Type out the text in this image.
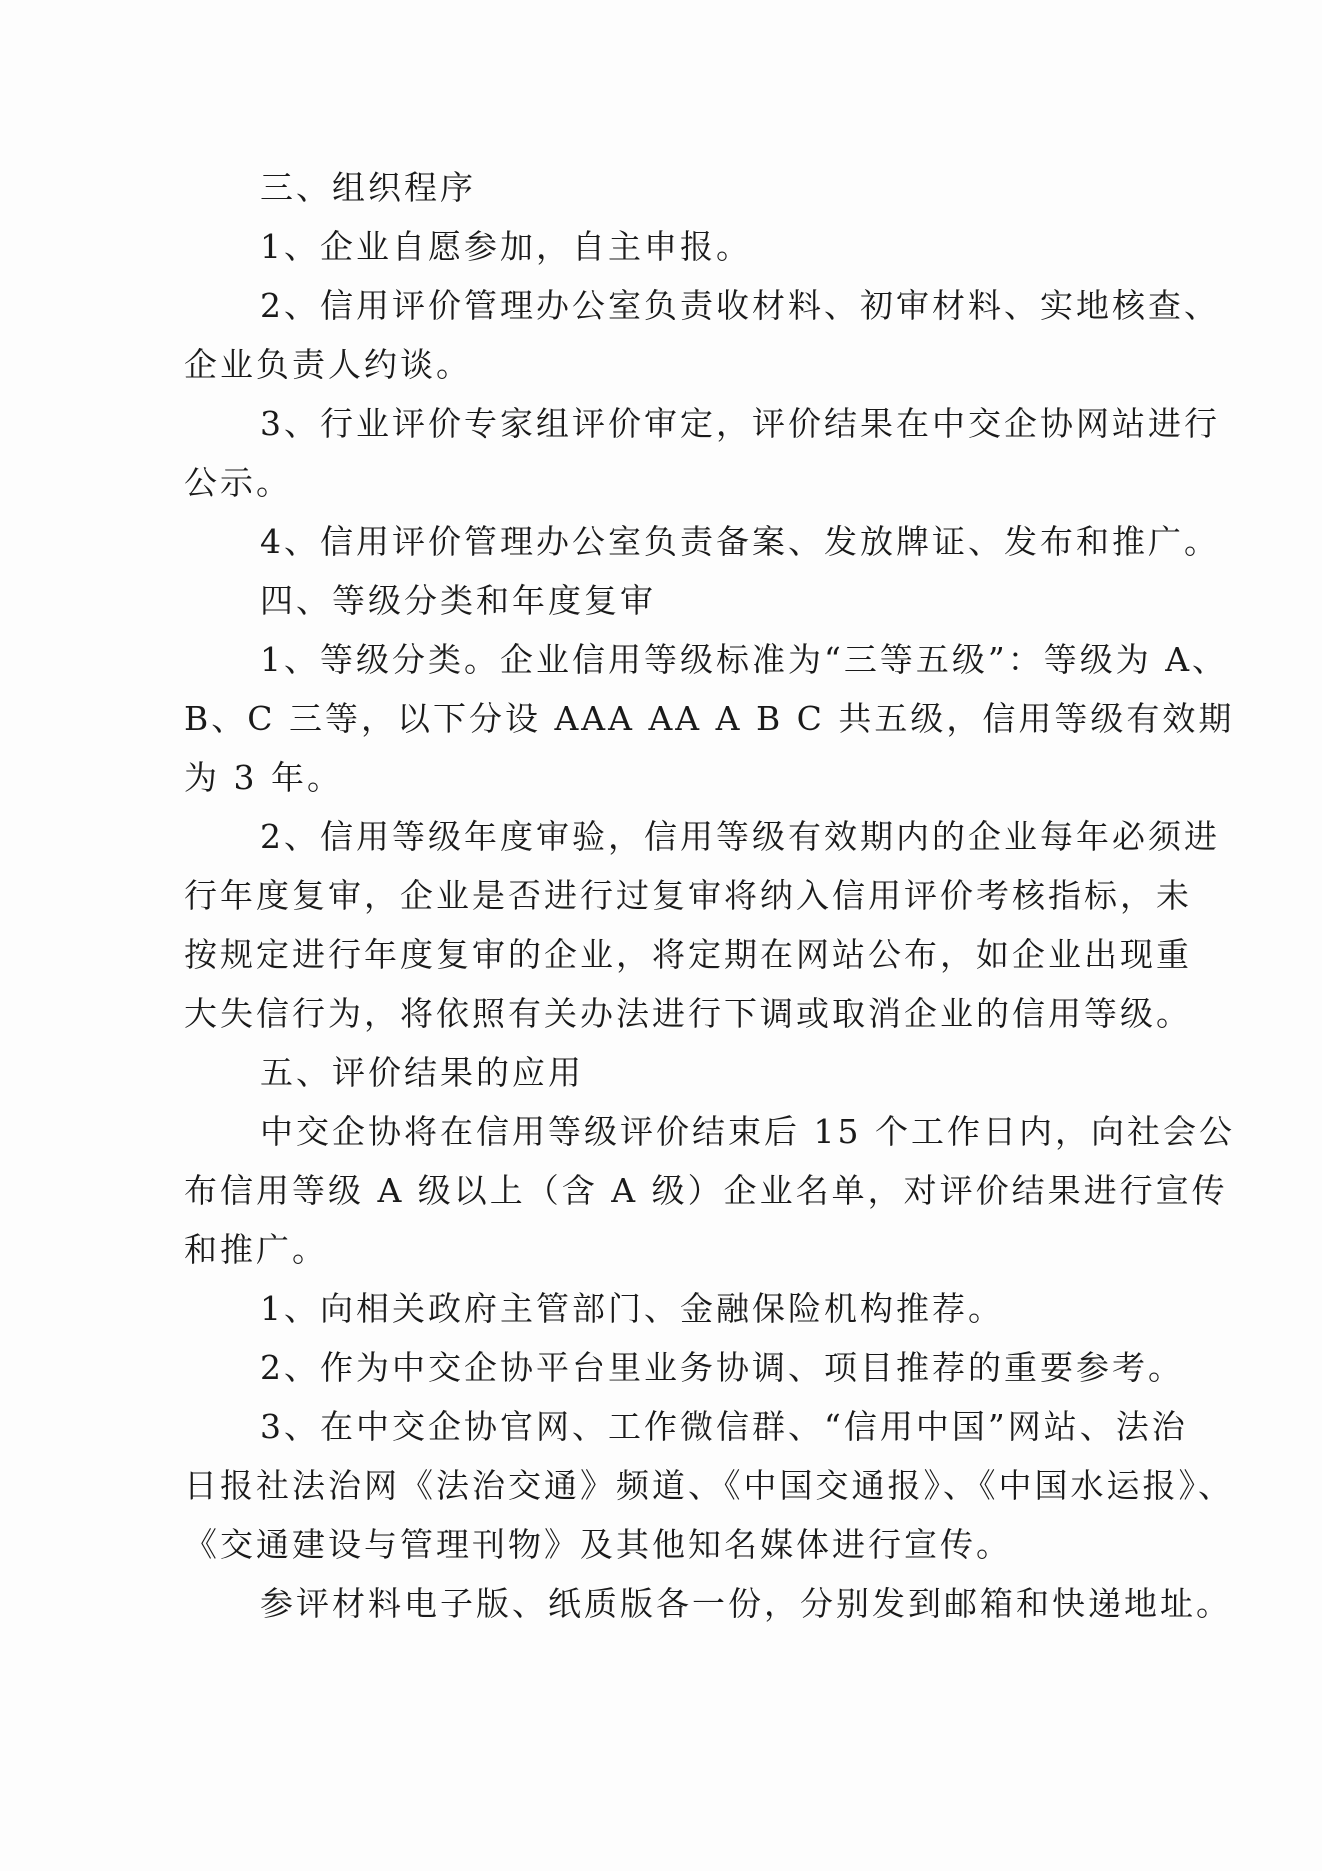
三、组织程序
1、企业自愿参加，自主申报。
2、信用评价管理办公室负责收材料、初审材料、实地核查、
企业负责人约谈。
3、行业评价专家组评价审定，评价结果在中交企协网站进行
公示。
4、信用评价管理办公室负责备案、发放牌证、发布和推广。
四、等级分类和年度复审
1、等级分类。企业信用等级标准为“三等五级”：等级为 A、
B、C 三等，以下分设 AAA AA A B C 共五级，信用等级有效期
为 3 年。
2、信用等级年度审验，信用等级有效期内的企业每年必须进
行年度复审，企业是否进行过复审将纳入信用评价考核指标，未
按规定进行年度复审的企业，将定期在网站公布，如企业出现重
大失信行为，将依照有关办法进行下调或取消企业的信用等级。
五、评价结果的应用
中交企协将在信用等级评价结束后 15 个工作日内，向社会公
布信用等级 A 级以上（含 A 级）企业名单，对评价结果进行宣传
和推广。
1、向相关政府主管部门、金融保险机构推荐。
2、作为中交企协平台里业务协调、项目推荐的重要参考。
3、在中交企协官网、工作微信群、“信用中国”网站、法治
日报社法治网《法治交通》频道、《中国交通报》、《中国水运报》、
《交通建设与管理刊物》及其他知名媒体进行宣传。
参评材料电子版、纸质版各一份，分别发到邮箱和快递地址。
